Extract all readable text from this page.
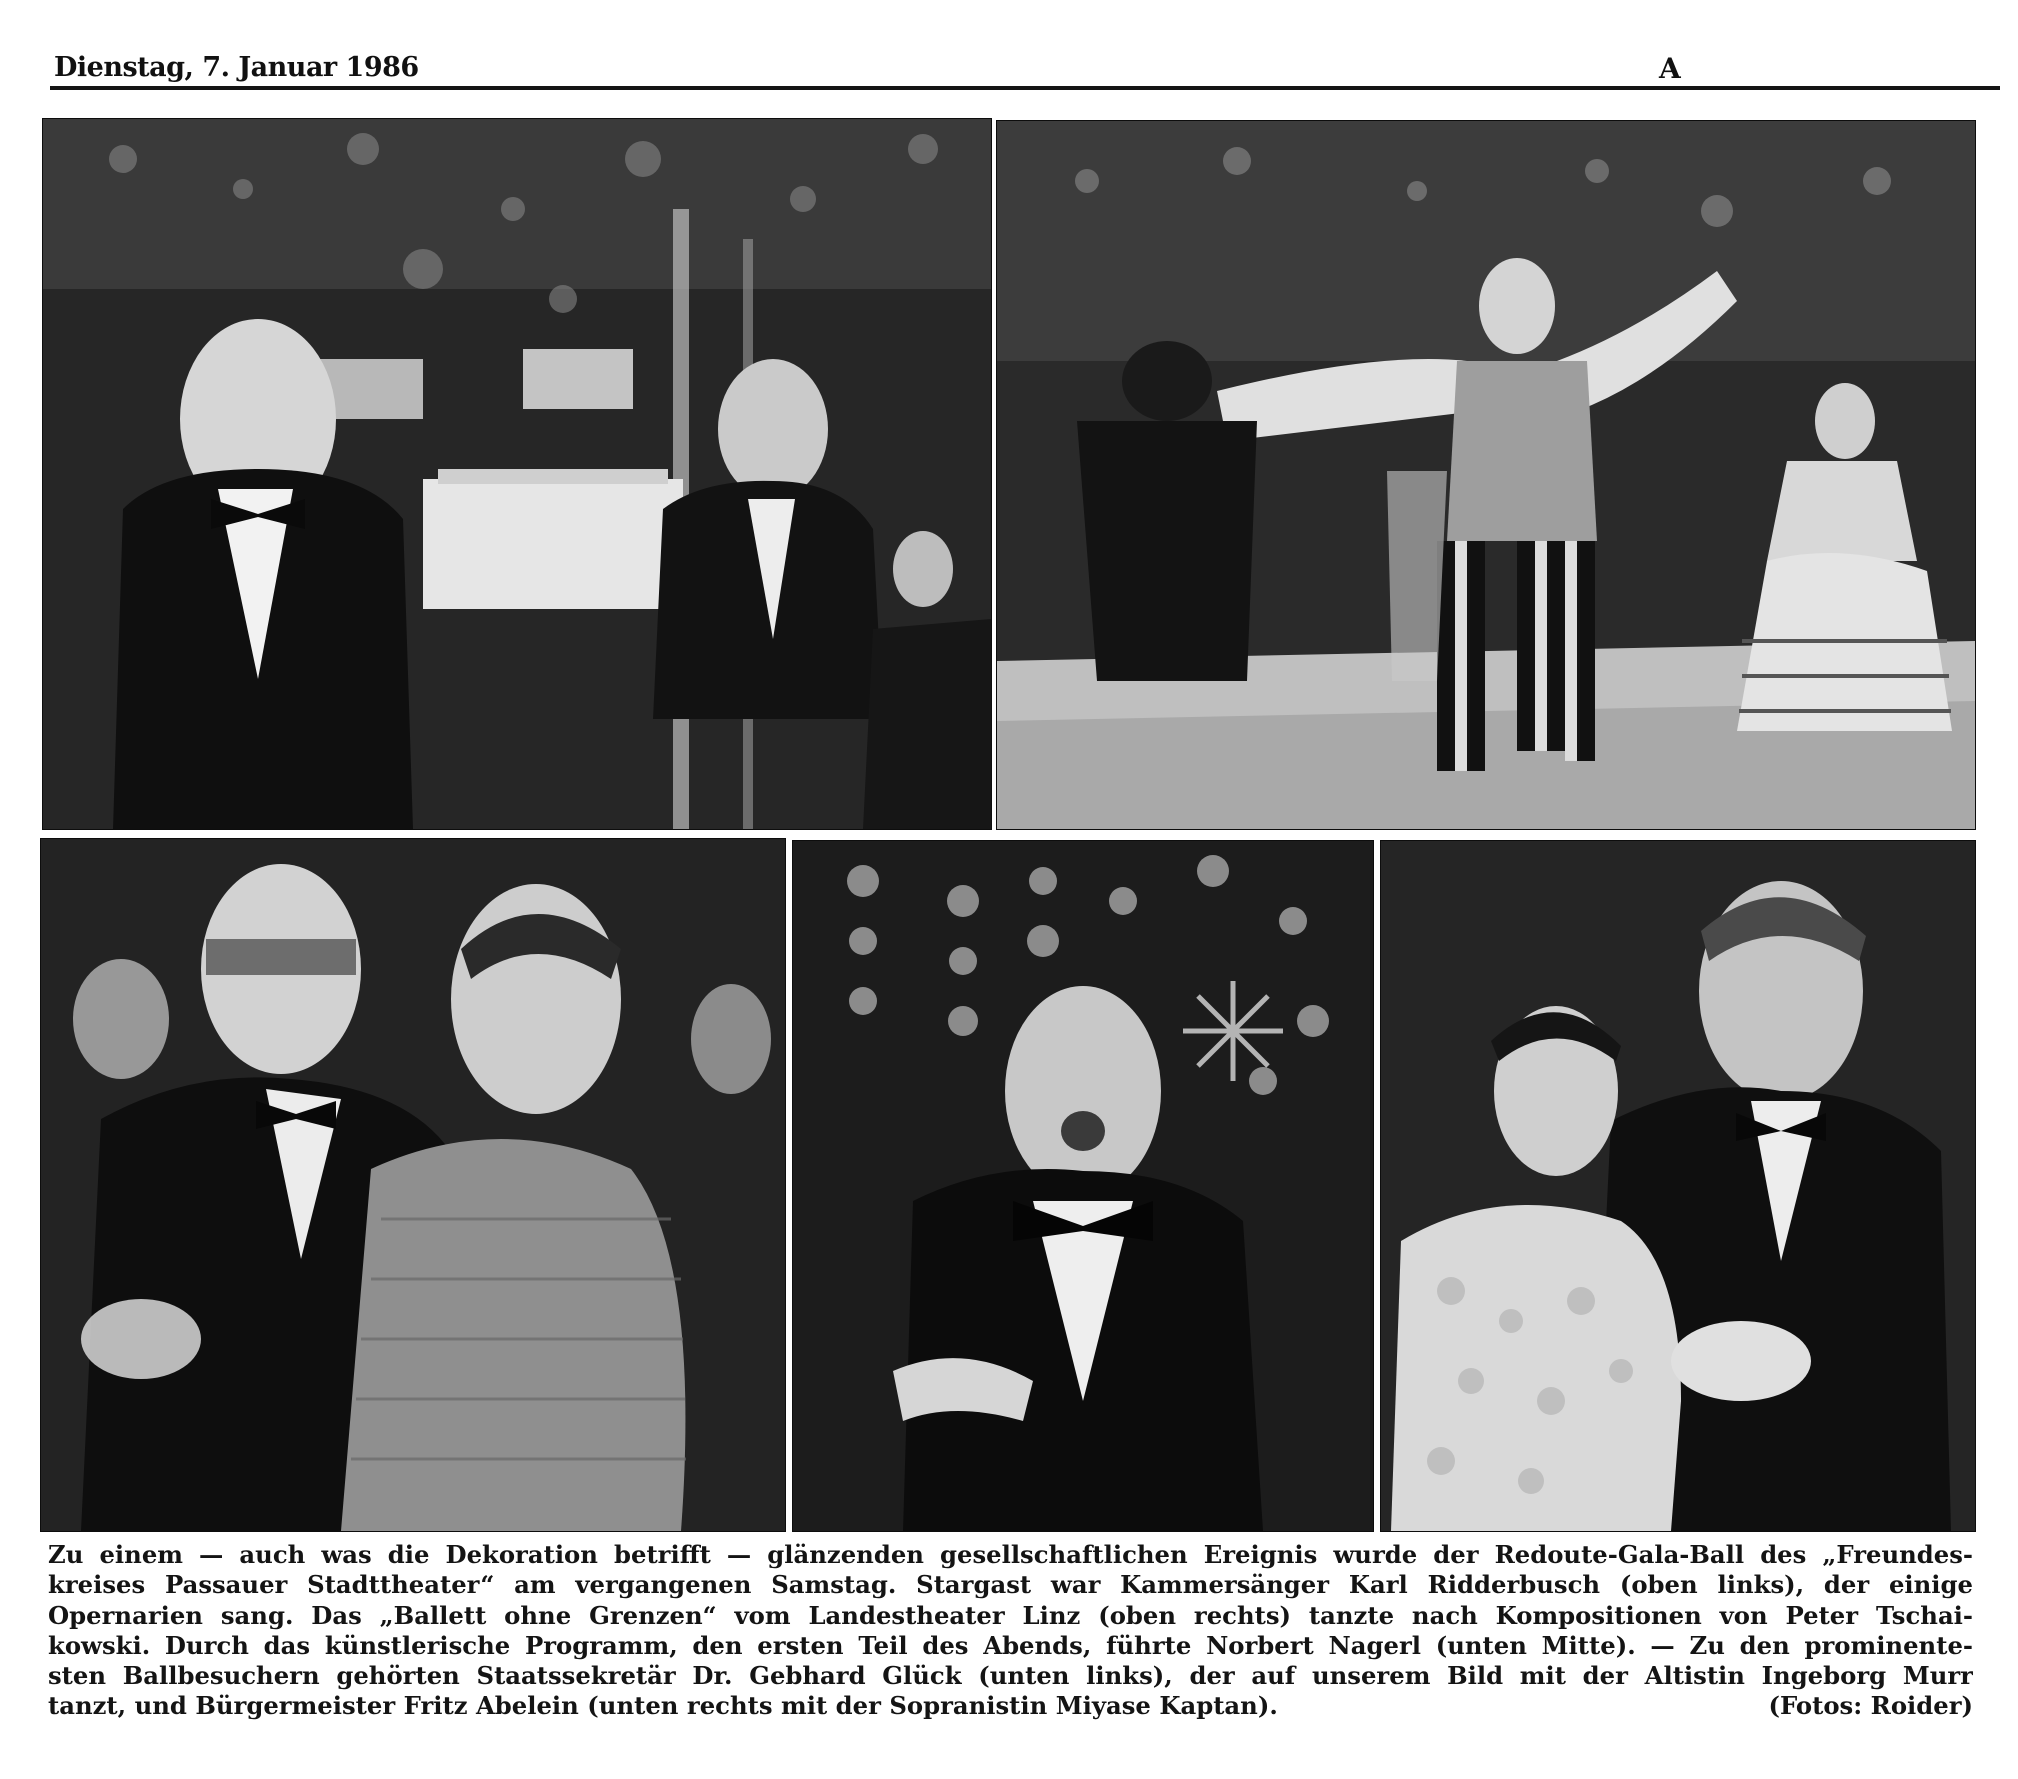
Dienstag, 7. Januar 1986	A
Zu einem — auch was die Dekoration betrifft — glänzenden gesellschaftlichen Ereignis wurde der Redoute-Gala-Ball des „Freundes-
kreises Passauer Stadttheater“ am vergangenen Samstag. Stargast war Kammersänger Karl Ridderbusch (oben links), der einige
Opernarien sang. Das „Ballett ohne Grenzen“ vom Landestheater Linz (oben rechts) tanzte nach Kompositionen von Peter Tschai-
kowski. Durch das künstlerische Programm, den ersten Teil des Abends, führte Norbert Nagerl (unten Mitte). — Zu den prominente-
sten Ballbesuchern gehörten Staatssekretär Dr. Gebhard Glück (unten links), der auf unserem Bild mit der Altistin Ingeborg Murr
tanzt, und Bürgermeister Fritz Abelein (unten rechts mit der Sopranistin Miyase Kaptan).	(Fotos: Roider)
